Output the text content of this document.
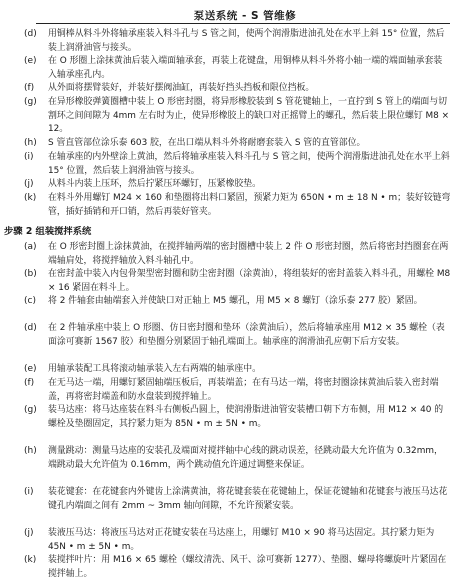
泵送系统 - S 管维修
(d) 用铜棒从料斗外将轴承座装入料斗孔与 S 管之间，使两个润滑脂进油孔处在水平上斜 15° 位置，然后装上润滑油管与接头。
(e) 在 O 形圈上涂抹黄油后装入端面轴承套，再装上花键盘，用铜棒从料斗外将小轴一端的端面轴承套装入轴承座孔内。
(f) 从外面将摆臂装好，并装好摆阀油缸，再装好挡头挡板和限位挡板。
(g) 在异形橡胶弹簧圈槽中装上 O 形密封圈，将异形橡胶装到 S 管花键轴上，一直拧到 S 管上的端面与切割环之间间隙为 4mm 左右时为止，使异形橡胶上的缺口对正摇臂上的螺孔，然后装上限位螺钉 M8 × 12。
(h) S 管直管部位涂乐泰 603 胶，在出口端从料斗外将耐磨套装入 S 管的直管部位。
(i) 在轴承座的内外壁涂上黄油，然后将轴承座装入料斗孔与 S 管之间，使两个润滑脂进油孔处在水平上斜 15° 位置，然后装上润滑油管与接头。
(j) 从料斗内装上压环，然后拧紧压环螺钉，压紧橡胶垫。
(k) 在料斗外用螺钉 M24 × 160 和垫圈将出料口紧固，预紧力矩为 650N • m ± 18 N • m；装好铰链弯管，插好插销和开口销，然后再装好管夹。
步骤 2 组装搅拌系统
(a) 在 O 形密封圈上涂抹黄油，在搅拌轴两端的密封圈槽中装上 2 件 O 形密封圈，然后将密封挡圈套在两端轴肩处，将搅拌轴放入料斗轴孔中。
(b) 在密封盖中装入内包骨架型密封圈和防尘密封圈（涂黄油），将组装好的密封盖装入料斗孔，用螺栓 M8 × 16 紧固在料斗上。
(c) 将 2 件轴套由轴端套入并使缺口对正轴上 M5 螺孔，用 M5 × 8 螺钉（涂乐泰 277 胶）紧固。
(d) 在 2 件轴承座中装上 O 形圈、仿日密封圈和垫环（涂黄油后），然后将轴承座用 M12 × 35 螺栓（表面涂可赛新 1567 胶）和垫圈分别紧固于轴孔端面上。轴承座的润滑油孔应朝下后方安装。
(e) 用轴承装配工具将滚动轴承装入左右两端的轴承座中。
(f) 在无马达一端，用螺钉紧固轴端压板后，再装端盖；在有马达一端，将密封圈涂抹黄油后装入密封端盖，再将密封端盖和防水盘装到搅拌轴上。
(g) 装马达座：将马达座装在料斗右侧板凸圆上，使润滑脂进油管安装槽口朝下方布侧，用 M12 × 40 的螺栓及垫圈固定，其拧紧力矩为 85N • m ± 5N • m。
(h) 测量跳动：测量马达座的安装孔及端面对搅拌轴中心线的跳动误差，径跳动最大允许值为 0.32mm，端跳动最大允许值为 0.16mm，两个跳动值允许通过调整来保证。
(i) 装花键套：在花键套内外键齿上涂满黄油，将花键套装在花键轴上，保证花键轴和花键套与液压马达花键孔内端面之间有 2mm ~ 3mm 轴向间隙，不允许预紧安装。
(j) 装液压马达：将液压马达对正花键安装在马达座上，用螺钉 M10 × 90 将马达固定。其拧紧力矩为 45N • m ± 5N • m。
(k) 装搅拌叶片：用 M16 × 65 螺栓（螺纹清洗、风干、涂可赛新 1277）、垫圈、螺母将螺旋叶片紧固在搅拌轴上。
